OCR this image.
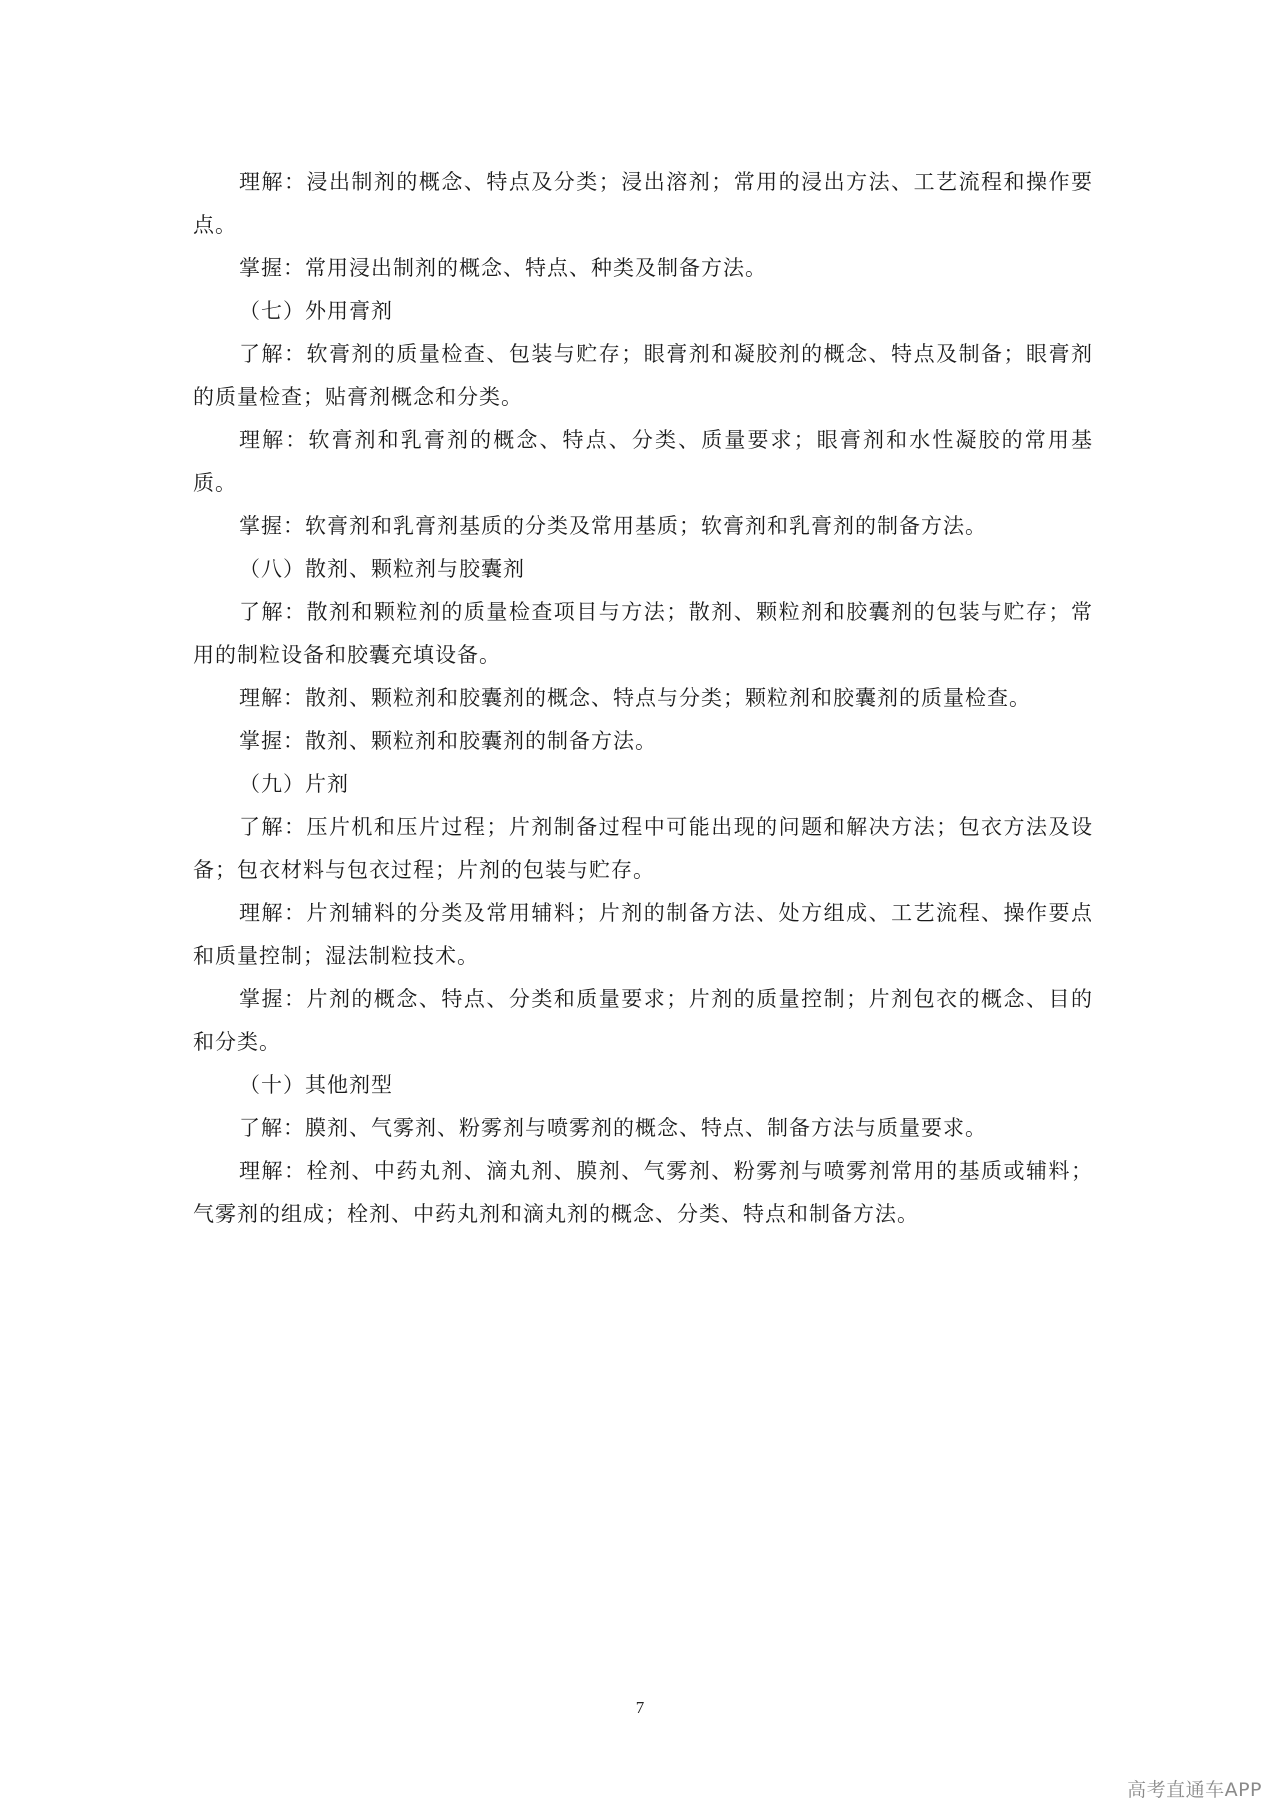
理解：浸出制剂的概念、特点及分类；浸出溶剂；常用的浸出方法、工艺流程和操作要点。

掌握：常用浸出制剂的概念、特点、种类及制备方法。

（七）外用膏剂

了解：软膏剂的质量检查、包装与贮存；眼膏剂和凝胶剂的概念、特点及制备；眼膏剂的质量检查；贴膏剂概念和分类。

理解：软膏剂和乳膏剂的概念、特点、分类、质量要求；眼膏剂和水性凝胶的常用基质。

掌握：软膏剂和乳膏剂基质的分类及常用基质；软膏剂和乳膏剂的制备方法。

（八）散剂、颗粒剂与胶囊剂

了解：散剂和颗粒剂的质量检查项目与方法；散剂、颗粒剂和胶囊剂的包装与贮存；常用的制粒设备和胶囊充填设备。

理解：散剂、颗粒剂和胶囊剂的概念、特点与分类；颗粒剂和胶囊剂的质量检查。

掌握：散剂、颗粒剂和胶囊剂的制备方法。

（九）片剂

了解：压片机和压片过程；片剂制备过程中可能出现的问题和解决方法；包衣方法及设备；包衣材料与包衣过程；片剂的包装与贮存。

理解：片剂辅料的分类及常用辅料；片剂的制备方法、处方组成、工艺流程、操作要点和质量控制；湿法制粒技术。

掌握：片剂的概念、特点、分类和质量要求；片剂的质量控制；片剂包衣的概念、目的和分类。

（十）其他剂型

了解：膜剂、气雾剂、粉雾剂与喷雾剂的概念、特点、制备方法与质量要求。

理解：栓剂、中药丸剂、滴丸剂、膜剂、气雾剂、粉雾剂与喷雾剂常用的基质或辅料；气雾剂的组成；栓剂、中药丸剂和滴丸剂的概念、分类、特点和制备方法。

7
高考直通车APP
